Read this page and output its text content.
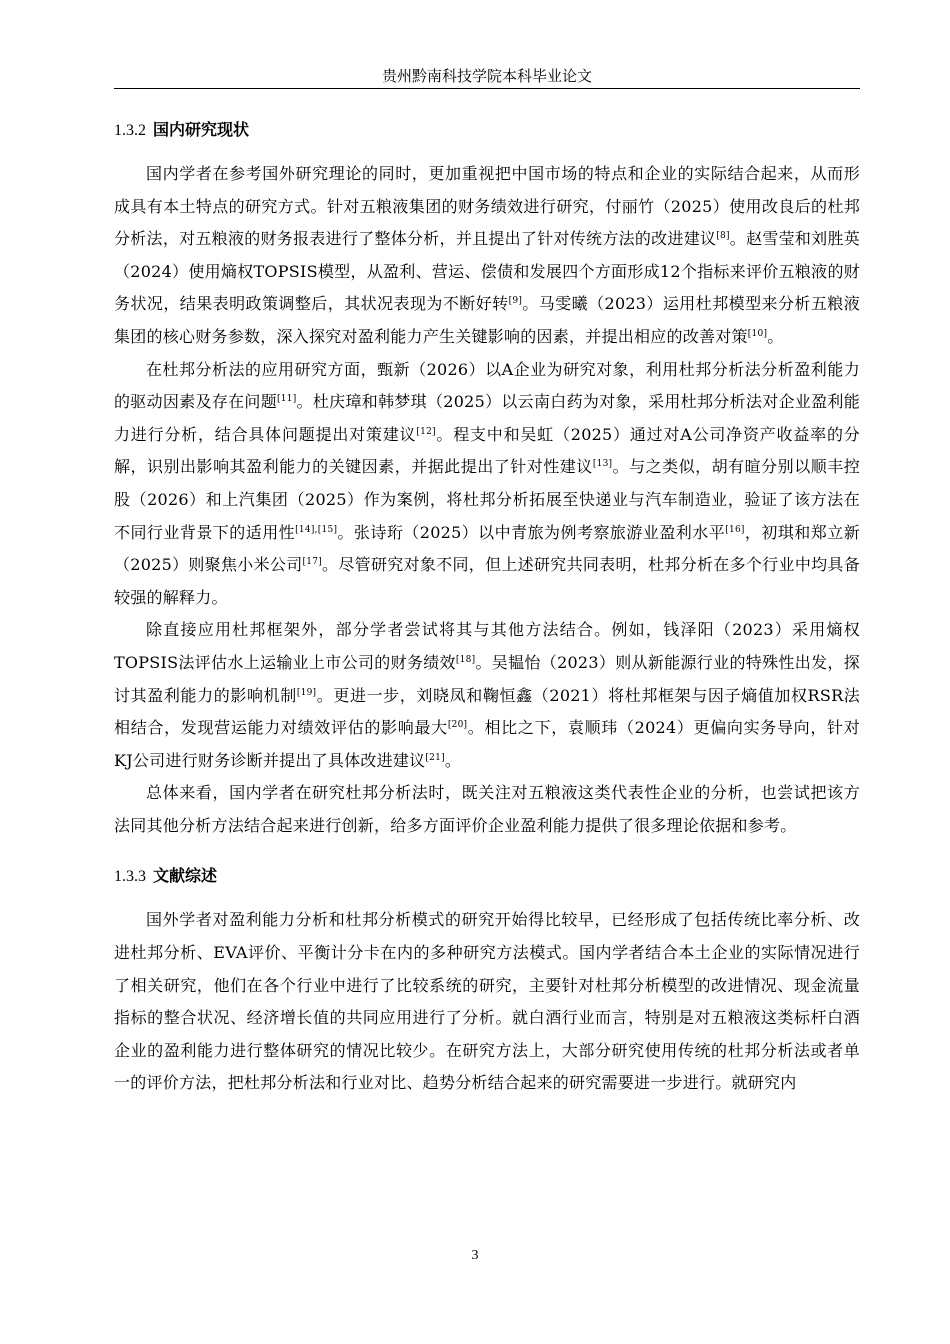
贵州黔南科技学院本科毕业论文
1.3.2 国内研究现状

国内学者在参考国外研究理论的同时，更加重视把中国市场的特点和企业的实际结合起来，从而形成具有本土特点的研究方式。针对五粮液集团的财务绩效进行研究，付丽竹（2025）使用改良后的杜邦分析法，对五粮液的财务报表进行了整体分析，并且提出了针对传统方法的改进建议[8]。赵雪莹和刘胜英（2024）使用熵权TOPSIS模型，从盈利、营运、偿债和发展四个方面形成12个指标来评价五粮液的财务状况，结果表明政策调整后，其状况表现为不断好转[9]。马雯曦（2023）运用杜邦模型来分析五粮液集团的核心财务参数，深入探究对盈利能力产生关键影响的因素，并提出相应的改善对策[10]。

在杜邦分析法的应用研究方面，甄新（2026）以A企业为研究对象，利用杜邦分析法分析盈利能力的驱动因素及存在问题[11]。杜庆璋和韩梦琪（2025）以云南白药为对象，采用杜邦分析法对企业盈利能力进行分析，结合具体问题提出对策建议[12]。程支中和吴虹（2025）通过对A公司净资产收益率的分解，识别出影响其盈利能力的关键因素，并据此提出了针对性建议[13]。与之类似，胡有暄分别以顺丰控股（2026）和上汽集团（2025）作为案例，将杜邦分析拓展至快递业与汽车制造业，验证了该方法在不同行业背景下的适用性[14],[15]。张诗珩（2025）以中青旅为例考察旅游业盈利水平[16]，初琪和郑立新（2025）则聚焦小米公司[17]。尽管研究对象不同，但上述研究共同表明，杜邦分析在多个行业中均具备较强的解释力。

除直接应用杜邦框架外，部分学者尝试将其与其他方法结合。例如，钱泽阳（2023）采用熵权TOPSIS法评估水上运输业上市公司的财务绩效[18]。吴韫怡（2023）则从新能源行业的特殊性出发，探讨其盈利能力的影响机制[19]。更进一步，刘晓凤和鞠恒鑫（2021）将杜邦框架与因子熵值加权RSR法相结合，发现营运能力对绩效评估的影响最大[20]。相比之下，袁顺玮（2024）更偏向实务导向，针对KJ公司进行财务诊断并提出了具体改进建议[21]。

总体来看，国内学者在研究杜邦分析法时，既关注对五粮液这类代表性企业的分析，也尝试把该方法同其他分析方法结合起来进行创新，给多方面评价企业盈利能力提供了很多理论依据和参考。

1.3.3 文献综述

国外学者对盈利能力分析和杜邦分析模式的研究开始得比较早，已经形成了包括传统比率分析、改进杜邦分析、EVA评价、平衡计分卡在内的多种研究方法模式。国内学者结合本土企业的实际情况进行了相关研究，他们在各个行业中进行了比较系统的研究，主要针对杜邦分析模型的改进情况、现金流量指标的整合状况、经济增长值的共同应用进行了分析。就白酒行业而言，特别是对五粮液这类标杆白酒企业的盈利能力进行整体研究的情况比较少。在研究方法上，大部分研究使用传统的杜邦分析法或者单一的评价方法，把杜邦分析法和行业对比、趋势分析结合起来的研究需要进一步进行。就研究内

3
